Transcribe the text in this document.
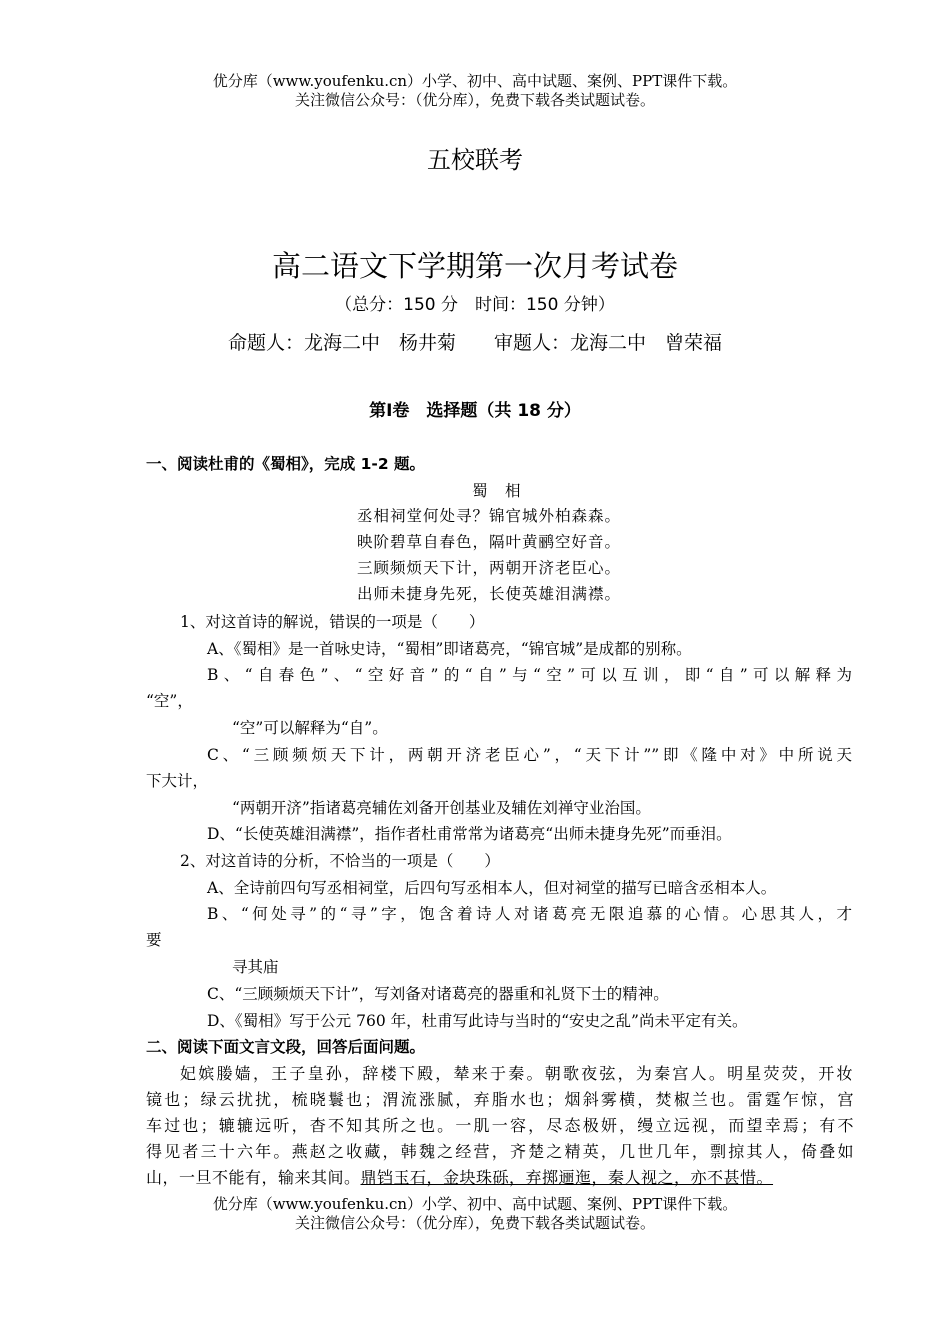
优分库（www.youfenku.cn）小学、初中、高中试题、案例、PPT课件下载。
关注微信公众号：（优分库），免费下载各类试题试卷。
五校联考
高二语文下学期第一次月考试卷
（总分：150 分　时间：150 分钟）
命题人：龙海二中　杨井菊　　审题人：龙海二中　曾荣福
第Ⅰ卷　选择题（共 18 分）
一、阅读杜甫的《蜀相》，完成 1-2 题。
蜀　相
丞相祠堂何处寻？锦官城外柏森森。
映阶碧草自春色，隔叶黄鹂空好音。
三顾频烦天下计，两朝开济老臣心。
出师未捷身先死，长使英雄泪满襟。
1、对这首诗的解说，错误的一项是（　　）
A、《蜀相》是一首咏史诗，“蜀相”即诸葛亮，“锦官城”是成都的别称。
B、“自春色”、“空好音”的“自”与“空”可以互训，即“自”可以解释为
“空”，
“空”可以解释为“自”。
C、“三顾频烦天下计，两朝开济老臣心”，“天下计””即《隆中对》中所说天
下大计，
“两朝开济”指诸葛亮辅佐刘备开创基业及辅佐刘禅守业治国。
D、“长使英雄泪满襟”，指作者杜甫常常为诸葛亮“出师未捷身先死”而垂泪。
2、对这首诗的分析，不恰当的一项是（　　）
A、全诗前四句写丞相祠堂，后四句写丞相本人，但对祠堂的描写已暗含丞相本人。
B、“何处寻”的“寻”字，饱含着诗人对诸葛亮无限追慕的心情。心思其人，才
要
寻其庙
C、“三顾频烦天下计”，写刘备对诸葛亮的器重和礼贤下士的精神。
D、《蜀相》写于公元 760 年，杜甫写此诗与当时的“安史之乱”尚未平定有关。
二、阅读下面文言文段，回答后面问题。
妃嫔媵嫱，王子皇孙，辞楼下殿，辇来于秦。朝歌夜弦，为秦宫人。明星荧荧，开妆
镜也；绿云扰扰，梳晓鬟也；渭流涨腻，弃脂水也；烟斜雾横，焚椒兰也。雷霆乍惊，宫
车过也；辘辘远听，杳不知其所之也。一肌一容，尽态极妍，缦立远视，而望幸焉；有不
得见者三十六年。燕赵之收藏，韩魏之经营，齐楚之精英，几世几年，剽掠其人，倚叠如
山，一旦不能有，输来其间。鼎铛玉石，金块珠砾，弃掷逦迤，秦人视之，亦不甚惜。
优分库（www.youfenku.cn）小学、初中、高中试题、案例、PPT课件下载。
关注微信公众号：（优分库），免费下载各类试题试卷。
